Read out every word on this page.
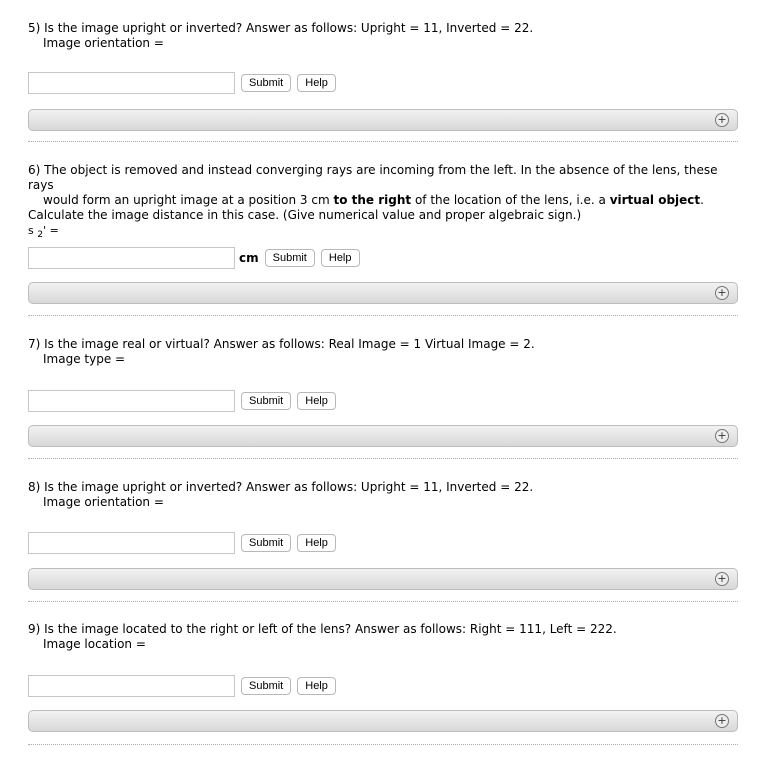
5) Is the image upright or inverted? Answer as follows: Upright = 11, Inverted = 22.
Image orientation =

Submit	Help
+

6) The object is removed and instead converging rays are incoming from the left. In the absence of the lens, these rays
would form an upright image at a position 3 cm to the right of the location of the lens, i.e. a virtual object.
Calculate the image distance in this case. (Give numerical value and proper algebraic sign.)
s $_2$' =

cm	Submit	Help
+

7) Is the image real or virtual? Answer as follows: Real Image = 1 Virtual Image = 2.
Image type =

Submit	Help
+

8) Is the image upright or inverted? Answer as follows: Upright = 11, Inverted = 22.
Image orientation =

Submit	Help
+

9) Is the image located to the right or left of the lens? Answer as follows: Right = 111, Left = 222.
Image location =

Submit	Help
+
